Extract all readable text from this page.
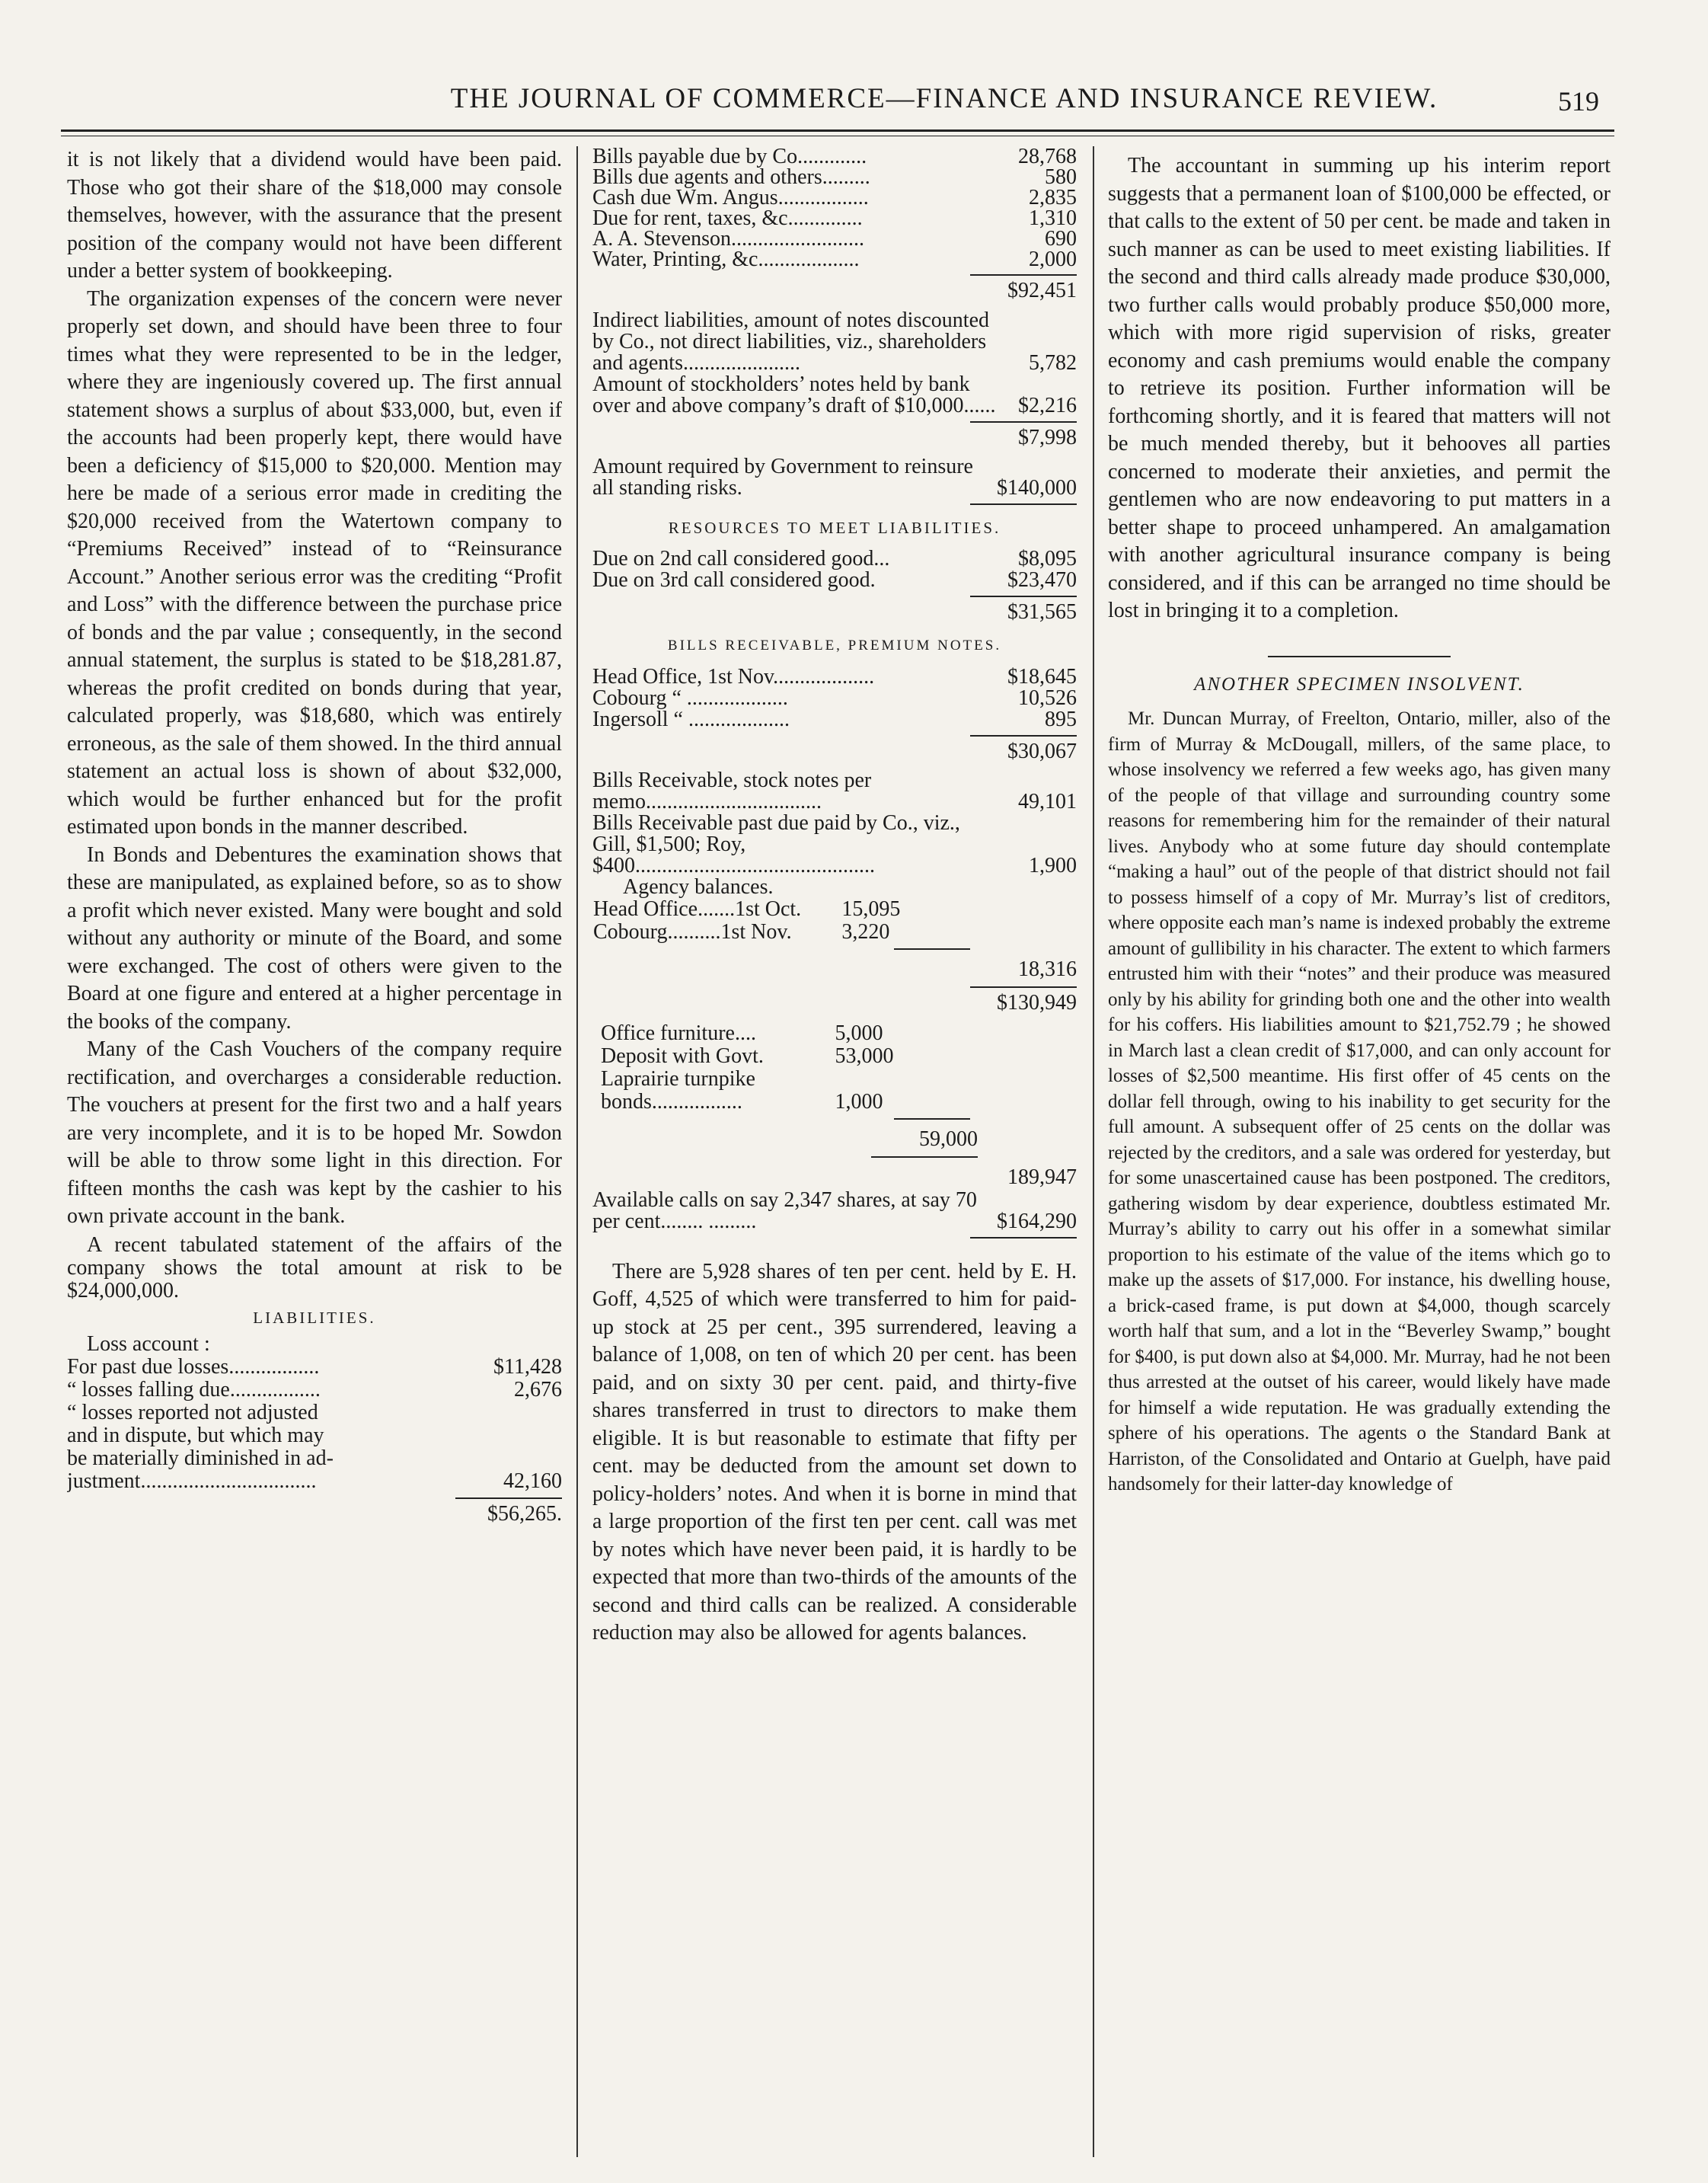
THE JOURNAL OF COMMERCE—FINANCE AND INSURANCE REVIEW.	519

it is not likely that a dividend would have been paid. Those who got their share of the $18,000 may console themselves, however, with the assurance that the present position of the company would not have been different under a better system of bookkeeping.

The organization expenses of the concern were never properly set down, and should have been three to four times what they were represented to be in the ledger, where they are ingeniously covered up. The first annual statement shows a surplus of about $33,000, but, even if the accounts had been properly kept, there would have been a deficiency of $15,000 to $20,000. Mention may here be made of a serious error made in crediting the $20,000 received from the Watertown company to “Premiums Received” instead of to “Reinsurance Account.” Another serious error was the crediting “Profit and Loss” with the difference between the purchase price of bonds and the par value ; consequently, in the second annual statement, the surplus is stated to be $18,281.87, whereas the profit credited on bonds during that year, calculated properly, was $18,680, which was entirely erroneous, as the sale of them showed. In the third annual statement an actual loss is shown of about $32,000, which would be further enhanced but for the profit estimated upon bonds in the manner described.

In Bonds and Debentures the examination shows that these are manipulated, as explained before, so as to show a profit which never existed. Many were bought and sold without any authority or minute of the Board, and some were exchanged. The cost of others were given to the Board at one figure and entered at a higher percentage in the books of the company.

Many of the Cash Vouchers of the company require rectification, and overcharges a considerable reduction. The vouchers at present for the first two and a half years are very incomplete, and it is to be hoped Mr. Sowdon will be able to throw some light in this direction. For fifteen months the cash was kept by the cashier to his own private account in the bank.

A recent tabulated statement of the affairs of the company shows the total amount at risk to be $24,000,000.

LIABILITIES.
Loss account :
For past due losses.................	$11,428
“ losses falling due.................	2,676
“ losses reported not adjusted	
and in dispute, but which may	
be materially diminished in ad-	
justment.................................	42,160
$56,265.
Bills payable due by Co.............	28,768
Bills due agents and others.........	580
Cash due Wm. Angus.................	2,835
Due for rent, taxes, &c..............	1,310
A. A. Stevenson.........................	690
Water, Printing, &c...................	2,000
$92,451
Indirect liabilities, amount of notes discounted by Co., not direct liabilities, viz., shareholders and agents......................	5,782
Amount of stockholders’ notes held by bank over and above company’s draft of $10,000......	$2,216
$7,998
Amount required by Government to reinsure all standing risks.	$140,000
RESOURCES TO MEET LIABILITIES.
Due on 2nd call considered good...	$8,095
Due on 3rd call considered good.	$23,470
$31,565
BILLS RECEIVABLE, PREMIUM NOTES.
Head Office, 1st Nov...................	$18,645
Cobourg “ ...................	10,526
Ingersoll “ ...................	895
$30,067
Bills Receivable, stock notes per memo.................................	49,101
Bills Receivable past due paid by Co., viz., Gill, $1,500; Roy, $400.............................................	1,900
Agency balances.
Head Office.......1st Oct.	15,095
Cobourg..........1st Nov.	3,220
18,316
$130,949
Office furniture....	5,000
Deposit with Govt.	53,000
Laprairie turnpike	
bonds.................	1,000
59,000
189,947
Available calls on say 2,347 shares, at say 70 per cent........ .........	$164,290

There are 5,928 shares of ten per cent. held by E. H. Goff, 4,525 of which were transferred to him for paid-up stock at 25 per cent., 395 surrendered, leaving a balance of 1,008, on ten of which 20 per cent. has been paid, and on sixty 30 per cent. paid, and thirty-five shares transferred in trust to directors to make them eligible. It is but reasonable to estimate that fifty per cent. may be deducted from the amount set down to policy-holders’ notes. And when it is borne in mind that a large proportion of the first ten per cent. call was met by notes which have never been paid, it is hardly to be expected that more than two-thirds of the amounts of the second and third calls can be realized. A considerable reduction may also be allowed for agents balances.

The accountant in summing up his interim report suggests that a permanent loan of $100,000 be effected, or that calls to the extent of 50 per cent. be made and taken in such manner as can be used to meet existing liabilities. If the second and third calls already made produce $30,000, two further calls would probably produce $50,000 more, which with more rigid supervision of risks, greater economy and cash premiums would enable the company to retrieve its position. Further information will be forthcoming shortly, and it is feared that matters will not be much mended thereby, but it behooves all parties concerned to moderate their anxieties, and permit the gentlemen who are now endeavoring to put matters in a better shape to proceed unhampered. An amalgamation with another agricultural insurance company is being considered, and if this can be arranged no time should be lost in bringing it to a completion.

ANOTHER SPECIMEN INSOLVENT.

Mr. Duncan Murray, of Freelton, Ontario, miller, also of the firm of Murray & McDougall, millers, of the same place, to whose insolvency we referred a few weeks ago, has given many of the people of that village and surrounding country some reasons for remembering him for the remainder of their natural lives. Anybody who at some future day should contemplate “making a haul” out of the people of that district should not fail to possess himself of a copy of Mr. Murray’s list of creditors, where opposite each man’s name is indexed probably the extreme amount of gullibility in his character. The extent to which farmers entrusted him with their “notes” and their produce was measured only by his ability for grinding both one and the other into wealth for his coffers. His liabilities amount to $21,752.79 ; he showed in March last a clean credit of $17,000, and can only account for losses of $2,500 meantime. His first offer of 45 cents on the dollar fell through, owing to his inability to get security for the full amount. A subsequent offer of 25 cents on the dollar was rejected by the creditors, and a sale was ordered for yesterday, but for some unascertained cause has been postponed. The creditors, gathering wisdom by dear experience, doubtless estimated Mr. Murray’s ability to carry out his offer in a somewhat similar proportion to his estimate of the value of the items which go to make up the assets of $17,000. For instance, his dwelling house, a brick-cased frame, is put down at $4,000, though scarcely worth half that sum, and a lot in the “Beverley Swamp,” bought for $400, is put down also at $4,000. Mr. Murray, had he not been thus arrested at the outset of his career, would likely have made for himself a wide reputation. He was gradually extending the sphere of his operations. The agents o the Standard Bank at Harriston, of the Consolidated and Ontario at Guelph, have paid handsomely for their latter-day knowledge of
